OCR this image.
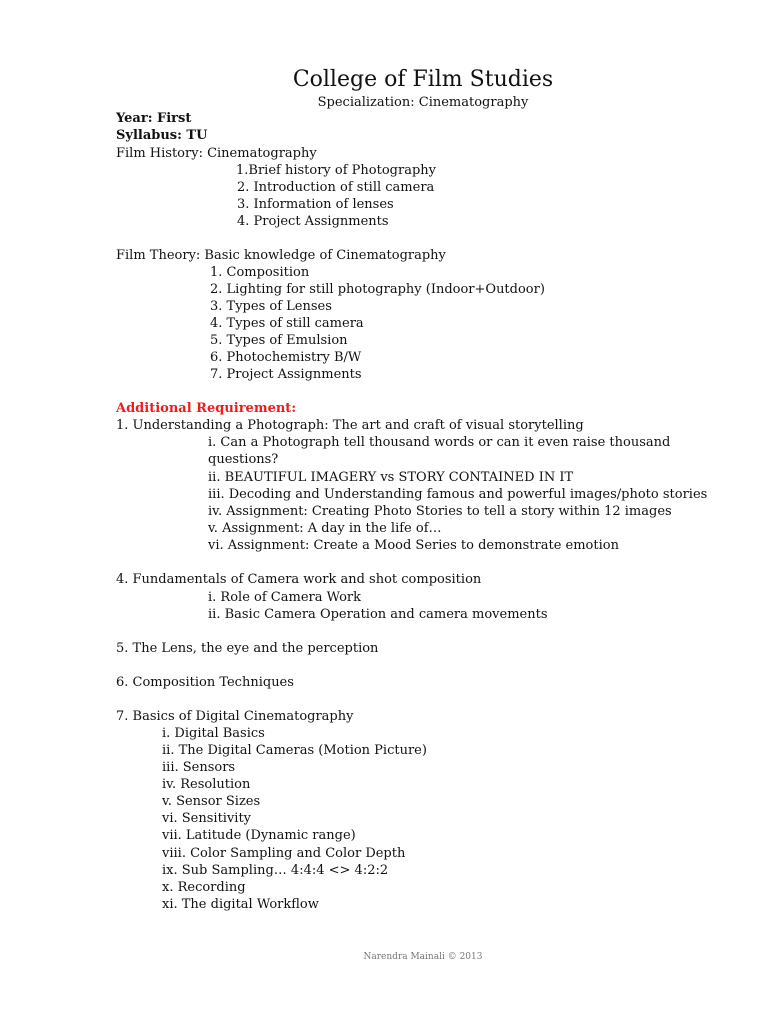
College of Film Studies
Specialization: Cinematography
Year: First
Syllabus: TU
Film History: Cinematography
1.Brief history of Photography
2. Introduction of still camera
3. Information of lenses
4. Project Assignments
Film Theory: Basic knowledge of Cinematography
1. Composition
2. Lighting for still photography (Indoor+Outdoor)
3. Types of Lenses
4. Types of still camera
5. Types of Emulsion
6. Photochemistry B/W
7. Project Assignments
Additional Requirement:
1. Understanding a Photograph: The art and craft of visual storytelling
i. Can a Photograph tell thousand words or can it even raise thousand
questions?
ii. BEAUTIFUL IMAGERY vs STORY CONTAINED IN IT
iii. Decoding and Understanding famous and powerful images/photo stories
iv. Assignment: Creating Photo Stories to tell a story within 12 images
v. Assignment: A day in the life of…
vi. Assignment: Create a Mood Series to demonstrate emotion
4. Fundamentals of Camera work and shot composition
i. Role of Camera Work
ii. Basic Camera Operation and camera movements
5. The Lens, the eye and the perception
6. Composition Techniques
7. Basics of Digital Cinematography
i. Digital Basics
ii. The Digital Cameras (Motion Picture)
iii. Sensors
iv. Resolution
v. Sensor Sizes
vi. Sensitivity
vii. Latitude (Dynamic range)
viii. Color Sampling and Color Depth
ix. Sub Sampling… 4:4:4 <> 4:2:2
x. Recording
xi. The digital Workflow
Narendra Mainali © 2013
